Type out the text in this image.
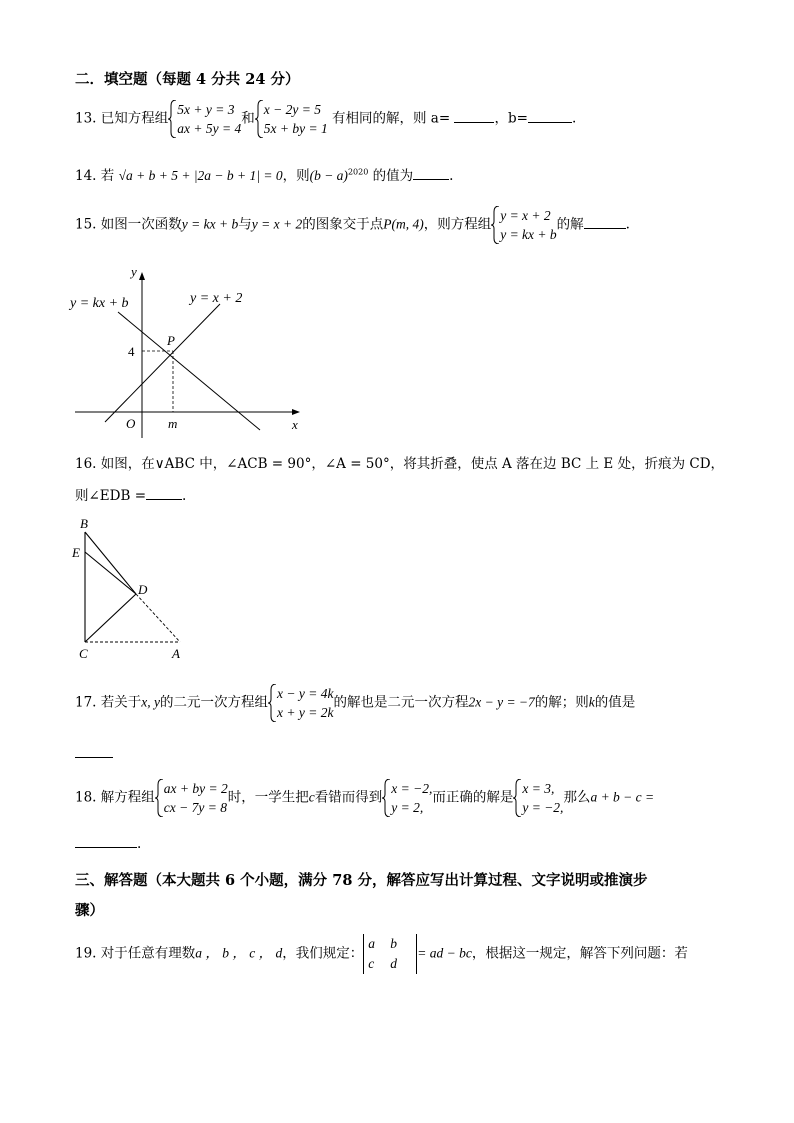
二．填空题（每题 4 分共 24 分）
13. 已知方程组
5x + y = 3
ax + 5y = 4
和
x − 2y = 5
5x + by = 1
有相同的解，则 a=	，b=	.
14. 若 √a + b + 5 + |2a − b + 1| = 0，则$(b - a)^{2020}$ 的值为	.
15. 如图一次函数y = kx + b与y = x + 2的图象交于点P(m, 4)，则方程组
y = x + 2
y = kx + b
的解	.
y = kx + b	y = x + 2
y
x
O
P
4
m
16. 如图，在∨ABC 中，∠ACB = 90°，∠A = 50°，将其折叠，使点 A 落在边 BC 上 E 处，折痕为 CD，
则∠EDB =	.
B
E
D
C	A
17. 若关于x, y的二元一次方程组
x − y = 4k
x + y = 2k
的解也是二元一次方程2x − y = −7的解；则k的值是
18. 解方程组
ax + by = 2
cx − 7y = 8
时，一学生把c看错而得到
x = −2,
y = 2,
而正确的解是
x = 3,
y = −2,
那么a + b − c =
.
三、解答题（本大题共 6 个小题，满分 78 分，解答应写出计算过程、文字说明或推演步
骤）
19. 对于任意有理数a ， b ， c ， d，我们规定：a b
c d= ad − bc，根据这一规定，解答下列问题：若
